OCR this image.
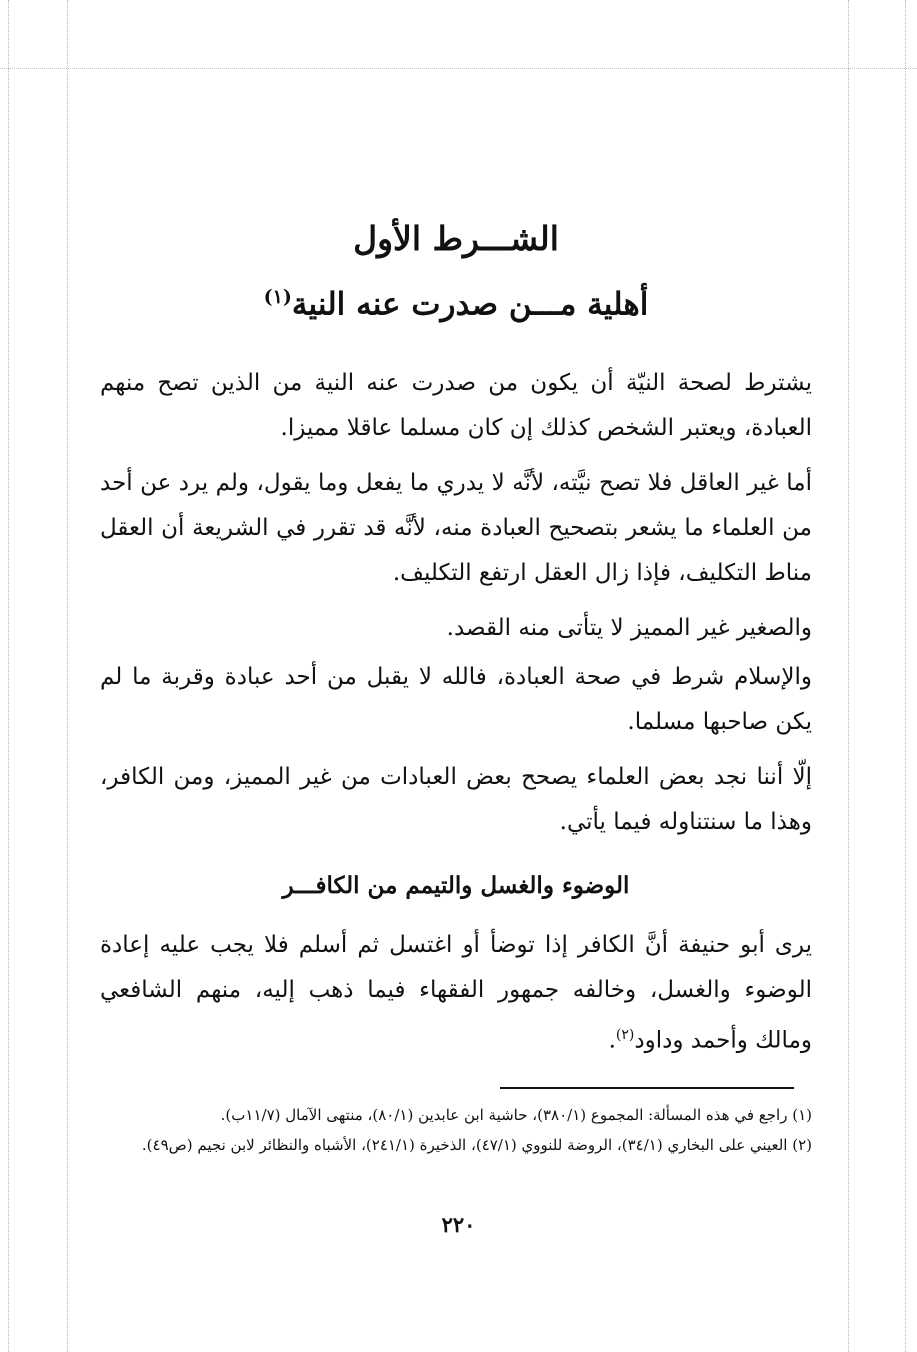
الشـــرط الأول
أهلية مـــن صدرت عنه النية$^{(١)}$

يشترط لصحة النيّة أن يكون من صدرت عنه النية من الذين تصح منهم العبادة، ويعتبر الشخص كذلك إن كان مسلما عاقلا مميزا.

أما غير العاقل فلا تصح نيَّته، لأنَّه لا يدري ما يفعل وما يقول، ولم يرد عن أحد من العلماء ما يشعر بتصحيح العبادة منه، لأنَّه قد تقرر في الشريعة أن العقل مناط التكليف، فإذا زال العقل ارتفع التكليف.

والصغير غير المميز لا يتأتى منه القصد.

والإسلام شرط في صحة العبادة، فالله لا يقبل من أحد عبادة وقربة ما لم يكن صاحبها مسلما.

إلّا أننا نجد بعض العلماء يصحح بعض العبادات من غير المميز، ومن الكافر، وهذا ما سنتناوله فيما يأتي.

الوضوء والغسل والتيمم من الكافـــر

يرى أبو حنيفة أنَّ الكافر إذا توضأ أو اغتسل ثم أسلم فلا يجب عليه إعادة الوضوء والغسل، وخالفه جمهور الفقهاء فيما ذهب إليه، منهم الشافعي ومالك وأحمد وداود$^{(٢)}$.

(١) راجع في هذه المسألة: المجموع (٣٨٠/١)، حاشية ابن عابدين (٨٠/١)، منتهى الآمال (١١/٧ب).

(٢) العيني على البخاري (٣٤/١)، الروضة للنووي (٤٧/١)، الذخيرة (٢٤١/١)، الأشباه والنظائر لابن نجيم (ص٤٩).

٢٢٠
